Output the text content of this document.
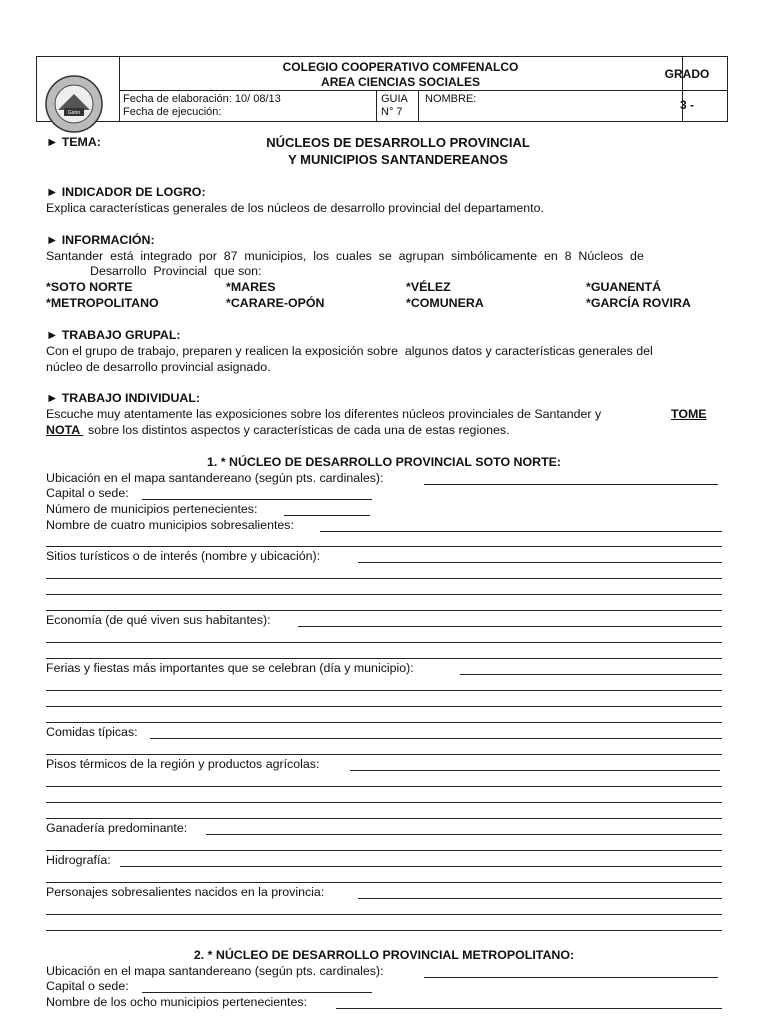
COLEGIO COOPERATIVO COMFENALCO
AREA CIENCIAS SOCIALES
Fecha de elaboración: 10/ 08/13
Fecha de ejecución:
GUIA
N° 7
NOMBRE:
GRADO
3 -
Girón
► TEMA:	NÚCLEOS DE DESARROLLO PROVINCIAL
Y MUNICIPIOS SANTANDEREANOS
► INDICADOR DE LOGRO:
Explica características generales de los núcleos de desarrollo provincial del departamento.
► INFORMACIÓN:
Santander  está  integrado  por  87  municipios,  los  cuales  se  agrupan  simbólicamente  en  8  Núcleos  de
Desarrollo  Provincial  que son:
*SOTO NORTE	*MARES	*VÉLEZ	*GUANENTÁ
*METROPOLITANO	*CARARE-OPÓN	*COMUNERA	*GARCÍA ROVIRA
► TRABAJO GRUPAL:
Con el grupo de trabajo, preparen y realicen la exposición sobre  algunos datos y características generales del
núcleo de desarrollo provincial asignado.
► TRABAJO INDIVIDUAL:
Escuche muy atentamente las exposiciones sobre los diferentes núcleos provinciales de Santander y	TOME
NOTA sobre los distintos aspectos y características de cada una de estas regiones.
1. * NÚCLEO DE DESARROLLO PROVINCIAL SOTO NORTE:
Ubicación en el mapa santandereano (según pts. cardinales):
Capital o sede:
Número de municipios pertenecientes:
Nombre de cuatro municipios sobresalientes:
Sitios turísticos o de interés (nombre y ubicación):
Economía (de qué viven sus habitantes):
Ferias y fiestas más importantes que se celebran (día y municipio):
Comidas típicas:
Pisos térmicos de la región y productos agrícolas:
Ganadería predominante:
Hidrografía:
Personajes sobresalientes nacidos en la provincia:
2. * NÚCLEO DE DESARROLLO PROVINCIAL METROPOLITANO:
Ubicación en el mapa santandereano (según pts. cardinales):
Capital o sede:
Nombre de los ocho municipios pertenecientes:
